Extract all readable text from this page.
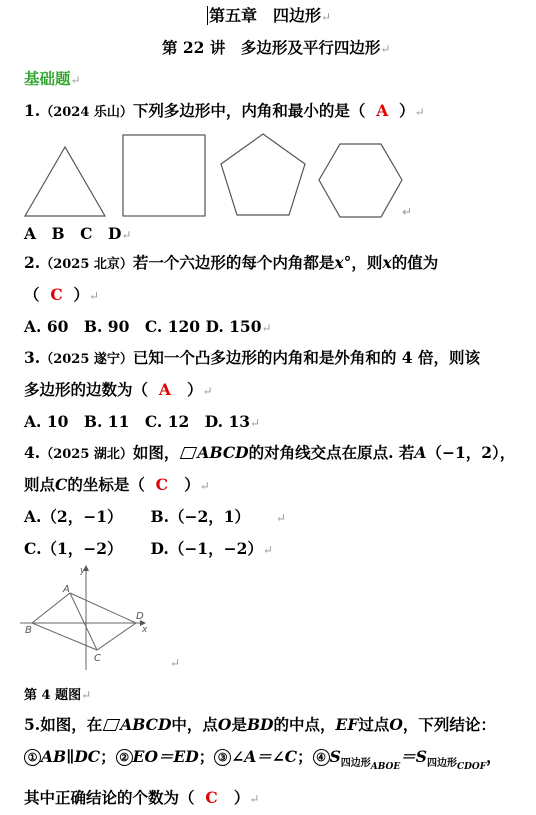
第五章　四边形↵
第 22 讲　多边形及平行四边形↵
基础题↵
1.（2024 乐山）下列多边形中，内角和最小的是（ A ）↵
↵
A　B　C　D↵
2.（2025 北京）若一个六边形的每个内角都是x°，则x的值为
（ C ）↵
A. 60　B. 90　C. 120 D. 150↵
3.（2025 遂宁）已知一个凸多边形的内角和是外角和的 4 倍，则该
多边形的边数为（ A ）↵
A. 10　B. 11　C. 12　D. 13↵
4.（2025 湖北）如图， ABCD的对角线交点在原点. 若A（−1，2），
则点C的坐标是（ C ）↵
A.（2，−1） B.（−2，1） ↵
C.（1，−2） D.（−1，−2）↵
y
x
A
B
C
D
↵
第 4 题图↵
5.如图，在 ABCD中，点O是BD的中点，EF过点O，下列结论：
① AB∥DC； ② EO＝ED； ③ ∠A＝∠C； ④ $S_{四边形ABOE}=S_{四边形CDOF}$，
其中正确结论的个数为（ C ）↵
